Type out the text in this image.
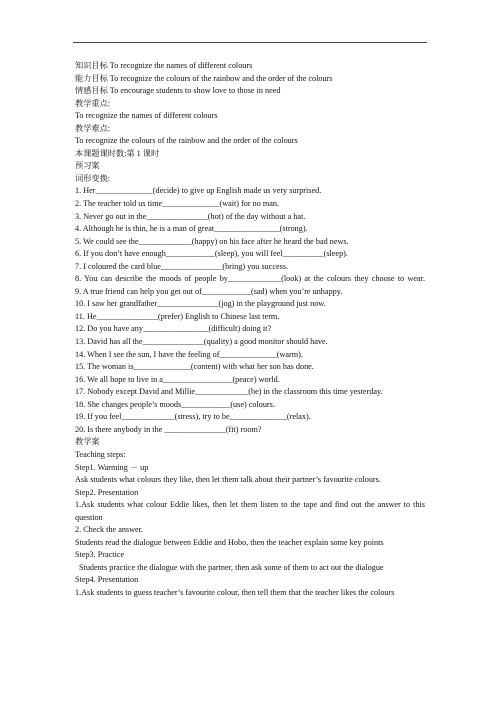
知识目标 To recognize the names of different colours
能力目标 To recognize the colours of the rainbow and the order of the colours
情感目标 To encourage students to show love to those in need
教学重点:
To recognize the names of different colours
教学难点:
To recognize the colours of the rainbow and the order of the colours
本课题课时数:第 1 课时
预习案
词形变换:
1. Her______________(decide) to give up English made us very surprised.
2. The teacher told us time______________(wait) for no man.
3. Never go out in the_______________(hot) of the day without a hat.
4. Although he is thin, he is a man of great________________(strong).
5. We could see the_____________(happy) on his face after he heard the bad news.
6. If you don’t have enough____________(sleep), you will feel__________(sleep).
7. I coloured the card blue_______________(bring) you success.
8. You can describe the moods of people by_____________(look) at the colours they choose to wear.
9. A true friend can help you get out of____________(sad) when you’re unhappy.
10. I saw her grandfather_______________(jog) in the playground just now.
11. He_______________(prefer) English to Chinese last term.
12. Do you have any________________(difficult) doing it?
13. David has all the_______________(quality) a good monitor should have.
14. When I see the sun, I have the feeling of______________(warm).
15. The woman is______________(content) with what her son has done.
16. We all hope to live in a_________________(peace) world.
17. Nobody except David and Millie_____________(be) in the classroom this time yesterday.
18. She changes people’s moods____________(use) colours.
19. If you feel_____________(stress), try to be______________(relax).
20. Is there anybody in the _______________(fit) room?
教学案
Teaching steps:
Step1. Warming － up
Ask students what colours they like, then let them talk about their partner’s favourite colours.
Step2. Presentation
1.Ask students what colour Eddie likes, then let them listen to the tape and find out the answer to this question
2. Check the answer.
Students read the dialogue between Eddie and Hobo, then the teacher explain some key points
Step3. Practice
Students practice the dialogue with the partner, then ask some of them to act out the dialogue
Step4. Presentation
1.Ask students to guess teacher’s favourite colour, then tell them that the teacher likes the colours
